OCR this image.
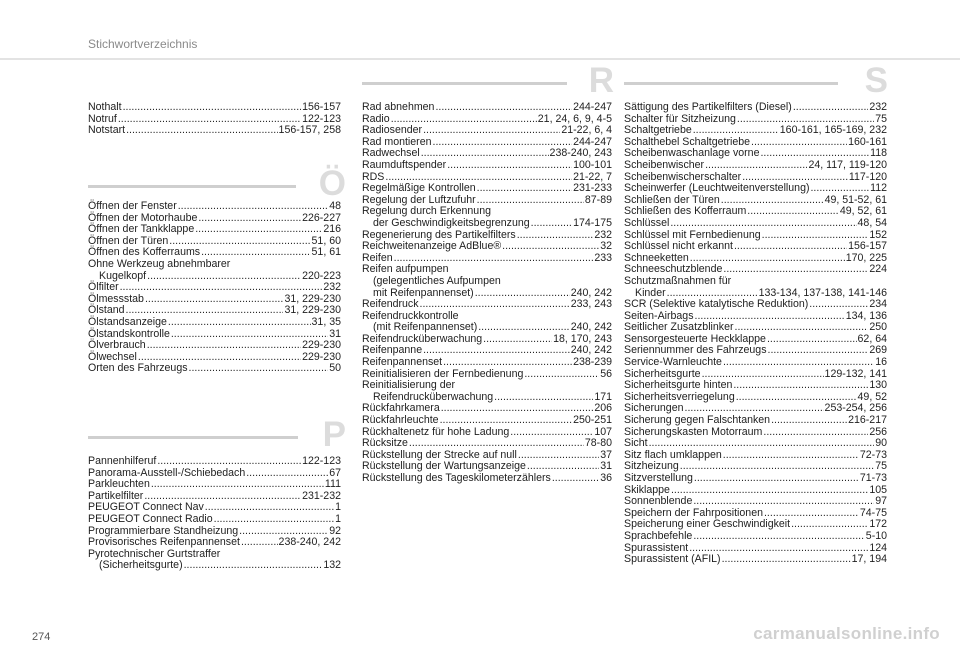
Stichwortverzeichnis
Ö
P
R	S
Nothalt .....	156-157
Notruf .....	122-123
Notstart .....	156-157, 258
Öffnen der Fenster .....	48
Öffnen der Motorhaube .....	226-227
Öffnen der Tankklappe .....	216
Öffnen der Türen .....	51, 60
Öffnen des Kofferraums .....	51, 61
Ohne Werkzeug abnehmbarer
Kugelkopf .....	220-223
Ölfilter .....	232
Ölmessstab .....	31, 229-230
Ölstand .....	31, 229-230
Ölstandsanzeige .....	31, 35
Ölstandskontrolle .....	31
Ölverbrauch .....	229-230
Ölwechsel .....	229-230
Orten des Fahrzeugs .....	50
Pannenhilferuf .....	122-123
Panorama-Ausstell-/Schiebedach .....	67
Parkleuchten .....	111
Partikelfilter .....	231-232
PEUGEOT Connect Nav .....	1
PEUGEOT Connect Radio .....	1
Programmierbare Standheizung .....	92
Provisorisches Reifenpannenset .....	238-240, 242
Pyrotechnischer Gurtstraffer
(Sicherheitsgurte) .....	132
Rad abnehmen .....	244-247
Radio .....	21, 24, 6, 9, 4-5
Radiosender .....	21-22, 6, 4
Rad montieren .....	244-247
Radwechsel .....	238-240, 243
Raumduftspender .....	100-101
RDS .....	21-22, 7
Regelmäßige Kontrollen .....	231-233
Regelung der Luftzufuhr .....	87-89
Regelung durch Erkennung
der Geschwindigkeitsbegrenzung .....	174-175
Regenerierung des Partikelfilters .....	232
Reichweitenanzeige AdBlue® .....	32
Reifen .....	233
Reifen aufpumpen
(gelegentliches Aufpumpen
mit Reifenpannenset) .....	240, 242
Reifendruck .....	233, 243
Reifendruckkontrolle
(mit Reifenpannenset) .....	240, 242
Reifendrucküberwachung .....	18, 170, 243
Reifenpanne .....	240, 242
Reifenpannenset .....	238-239
Reinitialisieren der Fernbedienung .....	56
Reinitialisierung der
Reifendrucküberwachung .....	171
Rückfahrkamera .....	206
Rückfahrleuchte .....	250-251
Rückhaltenetz für hohe Ladung .....	107
Rücksitze .....	78-80
Rückstellung der Strecke auf null .....	37
Rückstellung der Wartungsanzeige .....	31
Rückstellung des Tageskilometerzählers .....	36
Sättigung des Partikelfilters (Diesel) .....	232
Schalter für Sitzheizung .....	75
Schaltgetriebe .....	160-161, 165-169, 232
Schalthebel Schaltgetriebe .....	160-161
Scheibenwaschanlage vorne .....	118
Scheibenwischer .....	24, 117, 119-120
Scheibenwischerschalter .....	117-120
Scheinwerfer (Leuchtweitenverstellung) .....	112
Schließen der Türen .....	49, 51-52, 61
Schließen des Kofferraum .....	49, 52, 61
Schlüssel .....	48, 54
Schlüssel mit Fernbedienung .....	152
Schlüssel nicht erkannt .....	156-157
Schneeketten .....	170, 225
Schneeschutzblende .....	224
Schutzmaßnahmen für
Kinder .....	133-134, 137-138, 141-146
SCR (Selektive katalytische Reduktion) .....	234
Seiten-Airbags .....	134, 136
Seitlicher Zusatzblinker .....	250
Sensorgesteuerte Heckklappe .....	62, 64
Seriennummer des Fahrzeugs .....	269
Service-Warnleuchte .....	16
Sicherheitsgurte .....	129-132, 141
Sicherheitsgurte hinten .....	130
Sicherheitsverriegelung .....	49, 52
Sicherungen .....	253-254, 256
Sicherung gegen Falschtanken .....	216-217
Sicherungskasten Motorraum .....	256
Sicht .....	90
Sitz flach umklappen .....	72-73
Sitzheizung .....	75
Sitzverstellung .....	71-73
Skiklappe .....	105
Sonnenblende .....	97
Speichern der Fahrpositionen .....	74-75
Speicherung einer Geschwindigkeit .....	172
Sprachbefehle .....	5-10
Spurassistent .....	124
Spurassistent (AFIL) .....	17, 194
274	carmanualsonline.info
